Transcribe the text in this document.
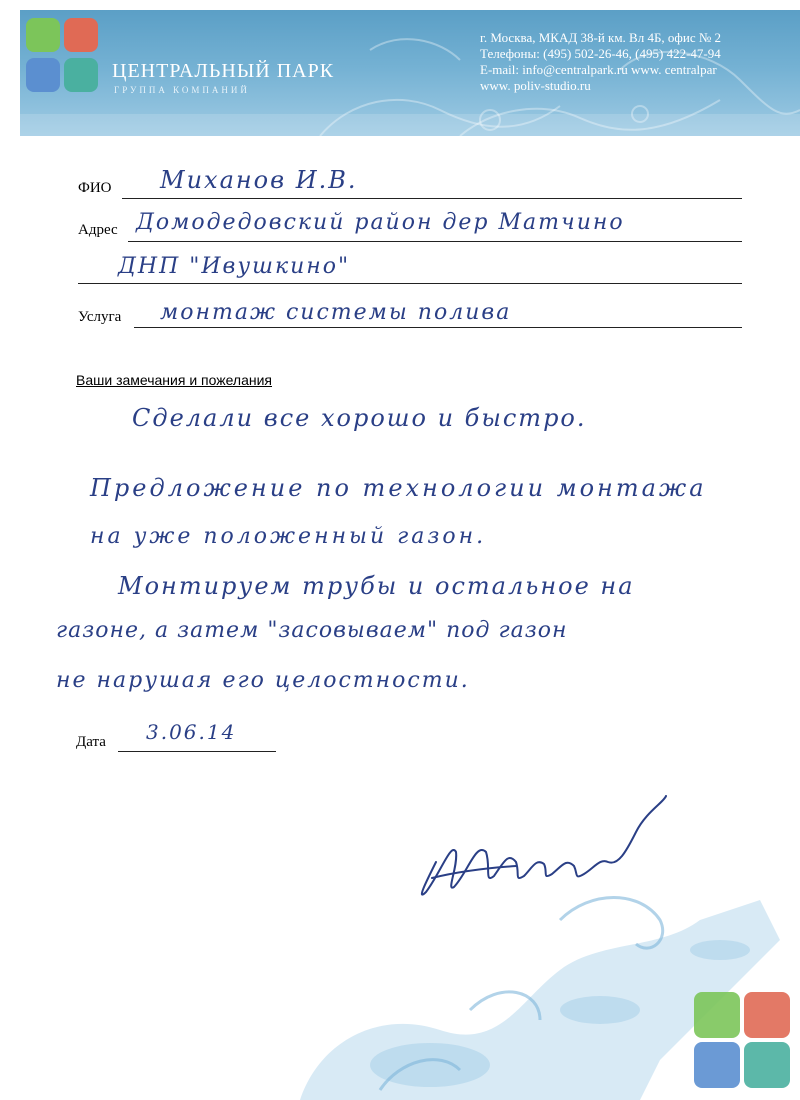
ЦЕНТРАЛЬНЫЙ ПАРК
ГРУППА КОМПАНИЙ
г. Москва, МКАД 38-й км. Вл 4Б, офис № 2
Телефоны: (495) 502-26-46, (495) 422-47-94
E-mail: info@centralpark.ru www. centralpar
www. poliv-studio.ru
ФИО Миханов И.В.
Адрес Домодедовский район дер Матчино
ДНП "Ивушкино"
Услуга монтаж системы полива
Ваши замечания и пожелания
Сделали все хорошо и быстро.
Предложение по технологии монтажа
на уже положенный газон.
Монтируем трубы и остальное на
газоне, а затем "засовываем" под газон
не нарушая его целостности.
Дата 3.06.14
